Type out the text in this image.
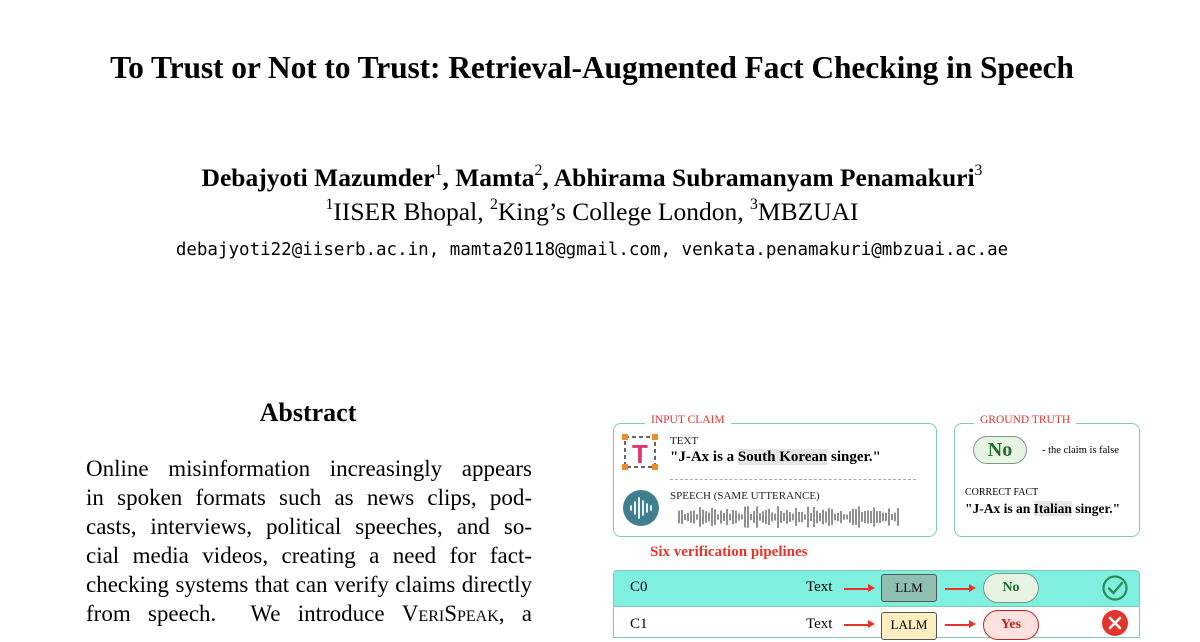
To Trust or Not to Trust: Retrieval-Augmented Fact Checking in Speech
Debajyoti Mazumder$^1$, Mamta$^2$, Abhirama Subramanyam Penamakuri$^3$
$^1$IISER Bhopal, $^2$King’s College London, $^3$MBZUAI
debajyoti22@iiserb.ac.in, mamta20118@gmail.com, venkata.penamakuri@mbzuai.ac.ae
Abstract
Online misinformation increasingly appears
in spoken formats such as news clips, pod-
casts, interviews, political speeches, and so-
cial media videos, creating a need for fact-
checking systems that can verify claims directly
from speech.  We introduce VeriSpeak, a
INPUT CLAIM
T TEXT
"J-Ax is a South Korean singer."
SPEECH (SAME UTTERANCE)
GROUND TRUTH
No	- the claim is false
CORRECT FACT
"J-Ax is an Italian singer."
Six verification pipelines
C0	Text	LLM	No
C1	Text	LALM	Yes
